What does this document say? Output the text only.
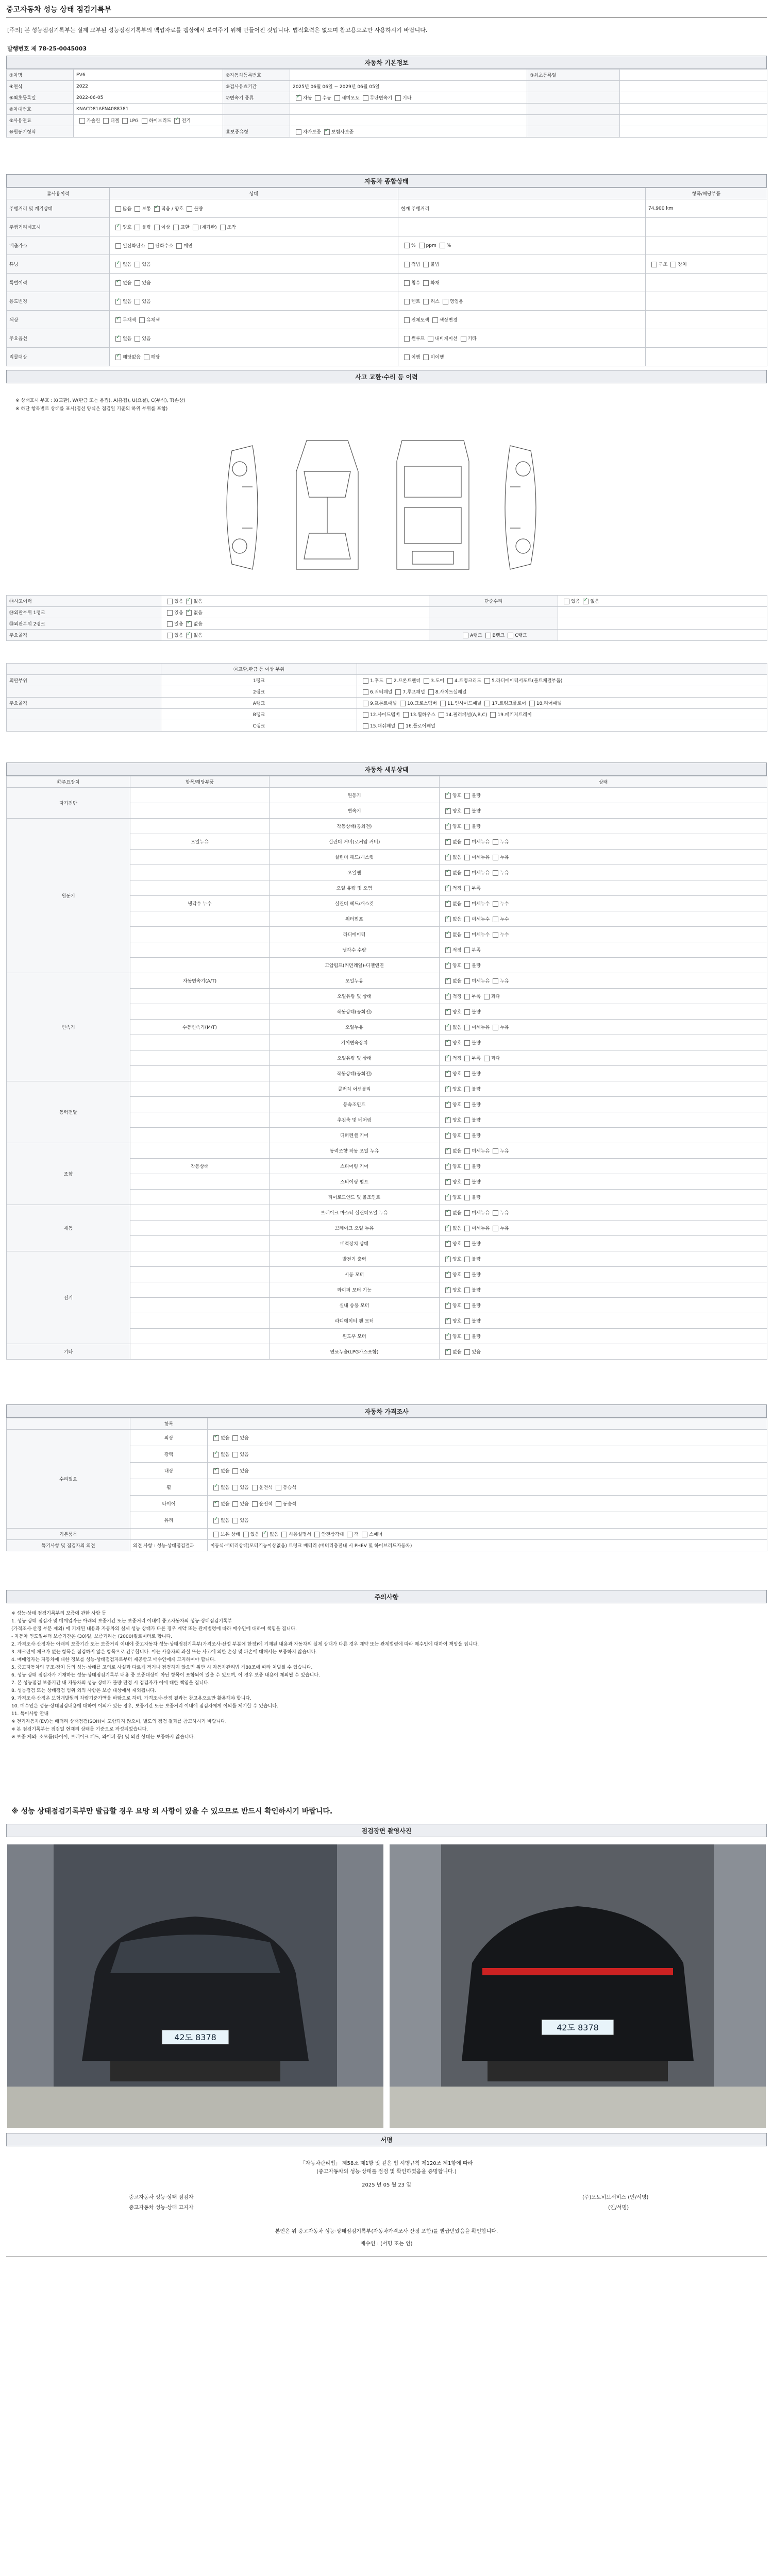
중고자동차 성능 상태 점검기록부
[주의] 본 성능점검기록부는 실제 교부된 성능점검기록부의 백업자료를 웹상에서 보여주기 위해 만들어진 것입니다. 법적효력은 없으며 참고용으로만 사용하시기 바랍니다.
발행번호 제 78-25-0045003
자동차 기본정보
①차명	EV6	②자동차등록번호		③최초등록일	
④연식	2022	⑤검사유효기간	2025년 06월 06일 ~ 2029년 06월 05일		
⑥최초등록일	2022-06-05	⑦변속기 종류	✓자동 수동 세미오토 무단변속기 기타		
⑧차대번호	KNACD81AFN4088781				
⑨사용연료	가솔린 디젤 LPG 하이브리드 ✓ 전기				
⑩원동기형식		⑪보증유형	자가보증 ✓ 보험사보증		
자동차 종합상태
⑫사용이력	상태		항목/해당부품
주행거리 및 계기상태	많음 보통 ✓ 적음 / 양호 불량	현재 주행거리	74,900 km
주행거리계표시	✓양호 불량 이상 교환 (계기판) 조작		
배출가스	일산화탄소 탄화수소 매연	% ppm %	
튜닝	✓없음 있음	적법 불법	구조 장치
특별이력	✓없음 있음	침수 화재	
용도변경	✓없음 있음	렌트 리스 영업용	
색상	✓무채색 유채색	전체도색 색상변경	
주요옵션	✓없음 있음	썬루프 내비게이션 기타	
리콜대상	✓해당없음 해당	이행 미이행	
사고 교환·수리 등 이력
※ 상태표시 부호 : X(교환), W(판금 또는 용접), A(흠집), U(요철), C(부식), T(손상)
※ 하단 항목별로 상태를 표시(점선 양식은 점검일 기준의 하위 부위를 포함)
⑬사고이력	있음 ✓ 없음	단순수리	있음 ✓ 없음
⑭외판부위 1랭크	있음 ✓ 없음		
⑮외판부위 2랭크	있음 ✓ 없음		
주요골격	있음 ✓ 없음	A랭크 B랭크 C랭크	
	⑯교환,판금 등 이상 부위	
외판부위	1랭크	1.후드 2.프론트펜더 3.도어 4.트렁크리드 5.라디에이터서포트(볼트체결부품)
	2랭크	6.쿼터패널 7.루프패널 8.사이드실패널
주요골격	A랭크	9.프론트패널 10.크로스멤버 11.인사이드패널 17.트렁크플로어 18.리어패널
	B랭크	12.사이드멤버 13.휠하우스 14.필러패널(A,B,C) 19.패키지트레이
	C랭크	15.대쉬패널 16.플로어패널
자동차 세부상태
⑰주요장치	항목/해당부품		상태
자기진단		원동기	✓양호 불량
		변속기	✓양호 불량
원동기		작동상태(공회전)	✓양호 불량
	오일누유	실린더 커버(로커암 커버)	✓없음 미세누유 누유
		실린더 헤드/개스킷	✓없음 미세누유 누유
		오일팬	✓없음 미세누유 누유
		오일 유량 및 오염	✓적정 부족
	냉각수 누수	실린더 헤드/개스킷	✓없음 미세누수 누수
		워터펌프	✓없음 미세누수 누수
		라디에이터	✓없음 미세누수 누수
		냉각수 수량	✓적정 부족
		고압펌프(커먼레일)-디젤엔진	✓양호 불량
변속기	자동변속기(A/T)	오일누유	✓없음 미세누유 누유
		오일유량 및 상태	✓적정 부족 과다
		작동상태(공회전)	✓양호 불량
	수동변속기(M/T)	오일누유	✓없음 미세누유 누유
		기어변속장치	✓양호 불량
		오일유량 및 상태	✓적정 부족 과다
		작동상태(공회전)	✓양호 불량
동력전달		클러치 어셈블리	✓양호 불량
		등속조인트	✓양호 불량
		추진축 및 베어링	✓양호 불량
		디퍼렌셜 기어	✓양호 불량
조향		동력조향 작동 오일 누유	✓없음 미세누유 누유
	작동상태	스티어링 기어	✓양호 불량
		스티어링 펌프	✓양호 불량
		타이로드엔드 및 볼조인트	✓양호 불량
제동		브레이크 마스터 실린더오일 누유	✓없음 미세누유 누유
		브레이크 오일 누유	✓없음 미세누유 누유
		배력장치 상태	✓양호 불량
전기		발전기 출력	✓양호 불량
		시동 모터	✓양호 불량
		와이퍼 모터 기능	✓양호 불량
		실내 송풍 모터	✓양호 불량
		라디에이터 팬 모터	✓양호 불량
		윈도우 모터	✓양호 불량
기타		연료누출(LPG가스포함)	✓없음 있음
자동차 가격조사
	항목	
수리필요	외장	✓없음 있음
	광택	✓없음 있음
	내장	✓없음 있음
	휠	✓없음 있음 운전석 동승석
	타이어	✓없음 있음 운전석 동승석
	유리	✓없음 있음
기본품목		보유 상태 있음 ✓ 없음 사용설명서 안전삼각대 잭 스패너
특기사항 및 점검자의 의견	의견 사항 : 성능·상태점검결과	이동식·배터리상태(모터기능이상없음) 트렁크 배터리 (배터리충전내 시 PHEV 및 하이브리드자동차)
주의사항

※ 성능·상태 점검기록부의 보증에 관한 사항 등

1. 성능·상태 점검자 및 매매업자는 아래의 보증기간 또는 보증거리 이내에 중고자동차의 성능·상태점검기록부

(가격조사·산정 부분 제외) 에 기재된 내용과 자동차의 실제 성능·상태가 다른 경우 계약 또는 관계법령에 따라 매수인에 대하여 책임을 집니다.

- 자동차 인도일부터 보증기간은 (30)일, 보증거리는 (2000)킬로미터로 합니다.

2. 가격조사·산정자는 아래의 보증기간 또는 보증거리 이내에 중고자동차 성능·상태점검기록부(가격조사·산정 부분에 한정)에 기재된 내용과 자동차의 실제 상태가 다른 경우 계약 또는 관계법령에 따라 매수인에 대하여 책임을 집니다.

3. 체크란에 체크가 없는 항목은 점검하지 않은 항목으로 간주합니다. 이는 사용자의 과실 또는 사고에 의한 손상 및 파손에 대해서는 보증하지 않습니다.

4. 매매업자는 자동차에 대한 정보를 성능·상태점검자로부터 제공받고 매수인에게 고지하여야 합니다.

5. 중고자동차의 구조·장치 등의 성능·상태를 고의로 사실과 다르게 적거나 점검하지 않으면 위반 시 자동차관리법 제80조에 따라 처벌될 수 있습니다.

6. 성능·상태 점검자가 기재하는 성능·상태점검기록부 내용 중 보증대상이 아닌 항목이 포함되어 있을 수 있으며, 이 경우 보증 내용이 제외될 수 있습니다.

7. 본 성능점검 보증기간 내 자동차의 성능 상태가 불량 판정 시 점검자가 이에 대한 책임을 집니다.

8. 성능점검 또는 상태점검 범위 외의 사항은 보증 대상에서 제외됩니다.

9. 가격조사·산정은 보험개발원의 차량기준가액을 바탕으로 하며, 가격조사·산정 결과는 참고용으로만 활용해야 합니다.

10. 매수인은 성능·상태점검내용에 대하여 이의가 있는 경우, 보증기간 또는 보증거리 이내에 점검자에게 이의를 제기할 수 있습니다.

11. 특이사항 안내

※ 전기자동차(EV)는 배터리 상태점검(SOH)이 포함되지 않으며, 별도의 점검 결과를 참고하시기 바랍니다.

※ 본 점검기록부는 점검일 현재의 상태를 기준으로 작성되었습니다.

※ 보증 제외: 소모품(타이어, 브레이크 패드, 와이퍼 등) 및 외관 상태는 보증하지 않습니다.

※ 성능 상태점검기록부만 발급할 경우 요망 외 사항이 있을 수 있으므로 반드시 확인하시기 바랍니다.
점검장면 촬영사진
42도 8378
42도 8378
서명
「자동차관리법」 제58조 제1항 및 같은 법 시행규칙 제120조 제1항에 따라
(중고자동차의 성능·상태를 점검 및 확인하였음을 증명합니다.)
2025 년 05 월 23 일
중고자동차 성능·상태 점검자	(주)오토허브서비스 (인/서명)
중고자동차 성능·상태 고지자	(인/서명)
본인은 위 중고자동차 성능·상태점검기록부(자동차가격조사·산정 포함)를 발급받았음을 확인합니다.
매수인 : (서명 또는 인)
